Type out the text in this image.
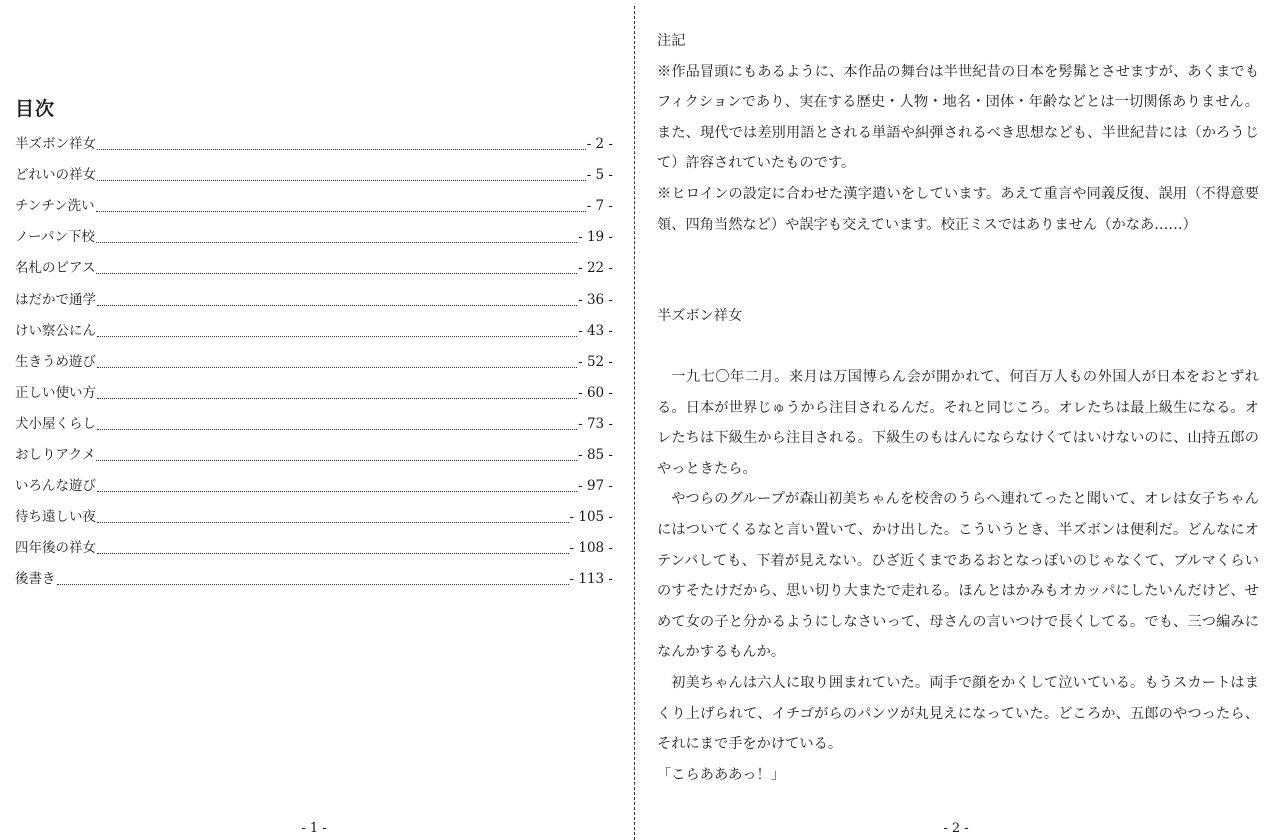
目次
半ズボン祥女	- 2 -
どれいの祥女	- 5 -
チンチン洗い	- 7 -
ノーパン下校	- 19 -
名札のピアス	- 22 -
はだかで通学	- 36 -
けい察公にん	- 43 -
生きうめ遊び	- 52 -
正しい使い方	- 60 -
犬小屋くらし	- 73 -
おしりアクメ	- 85 -
いろんな遊び	- 97 -
待ち遠しい夜	- 105 -
四年後の祥女	- 108 -
後書き	- 113 -
- 1 -

注記

※作品冒頭にもあるように、本作品の舞台は半世紀昔の日本を髣髴とさせますが、あくまでもフィクションであり、実在する歴史・人物・地名・団体・年齢などとは一切関係ありません。また、現代では差別用語とされる単語や糾弾されるべき思想なども、半世紀昔には（かろうじて）許容されていたものです。

※ヒロインの設定に合わせた漢字遣いをしています。あえて重言や同義反復、誤用（不得意要領、四角当然など）や誤字も交えています。校正ミスではありません（かなあ……）

半ズボン祥女

一九七〇年二月。来月は万国博らん会が開かれて、何百万人もの外国人が日本をおとずれる。日本が世界じゅうから注目されるんだ。それと同じころ。オレたちは最上級生になる。オレたちは下級生から注目される。下級生のもはんにならなけくてはいけないのに、山持五郎のやっときたら。

やつらのグループが森山初美ちゃんを校舎のうらへ連れてったと聞いて、オレは女子ちゃんにはついてくるなと言い置いて、かけ出した。こういうとき、半ズボンは便利だ。どんなにオテンバしても、下着が見えない。ひざ近くまであるおとなっぽいのじゃなくて、ブルマくらいのすそたけだから、思い切り大またで走れる。ほんとはかみもオカッパにしたいんだけど、せめて女の子と分かるようにしなさいって、母さんの言いつけで長くしてる。でも、三つ編みになんかするもんか。

初美ちゃんは六人に取り囲まれていた。両手で顔をかくして泣いている。もうスカートはまくり上げられて、イチゴがらのパンツが丸見えになっていた。どころか、五郎のやつったら、それにまで手をかけている。

「こらあああっ！」

- 2 -
